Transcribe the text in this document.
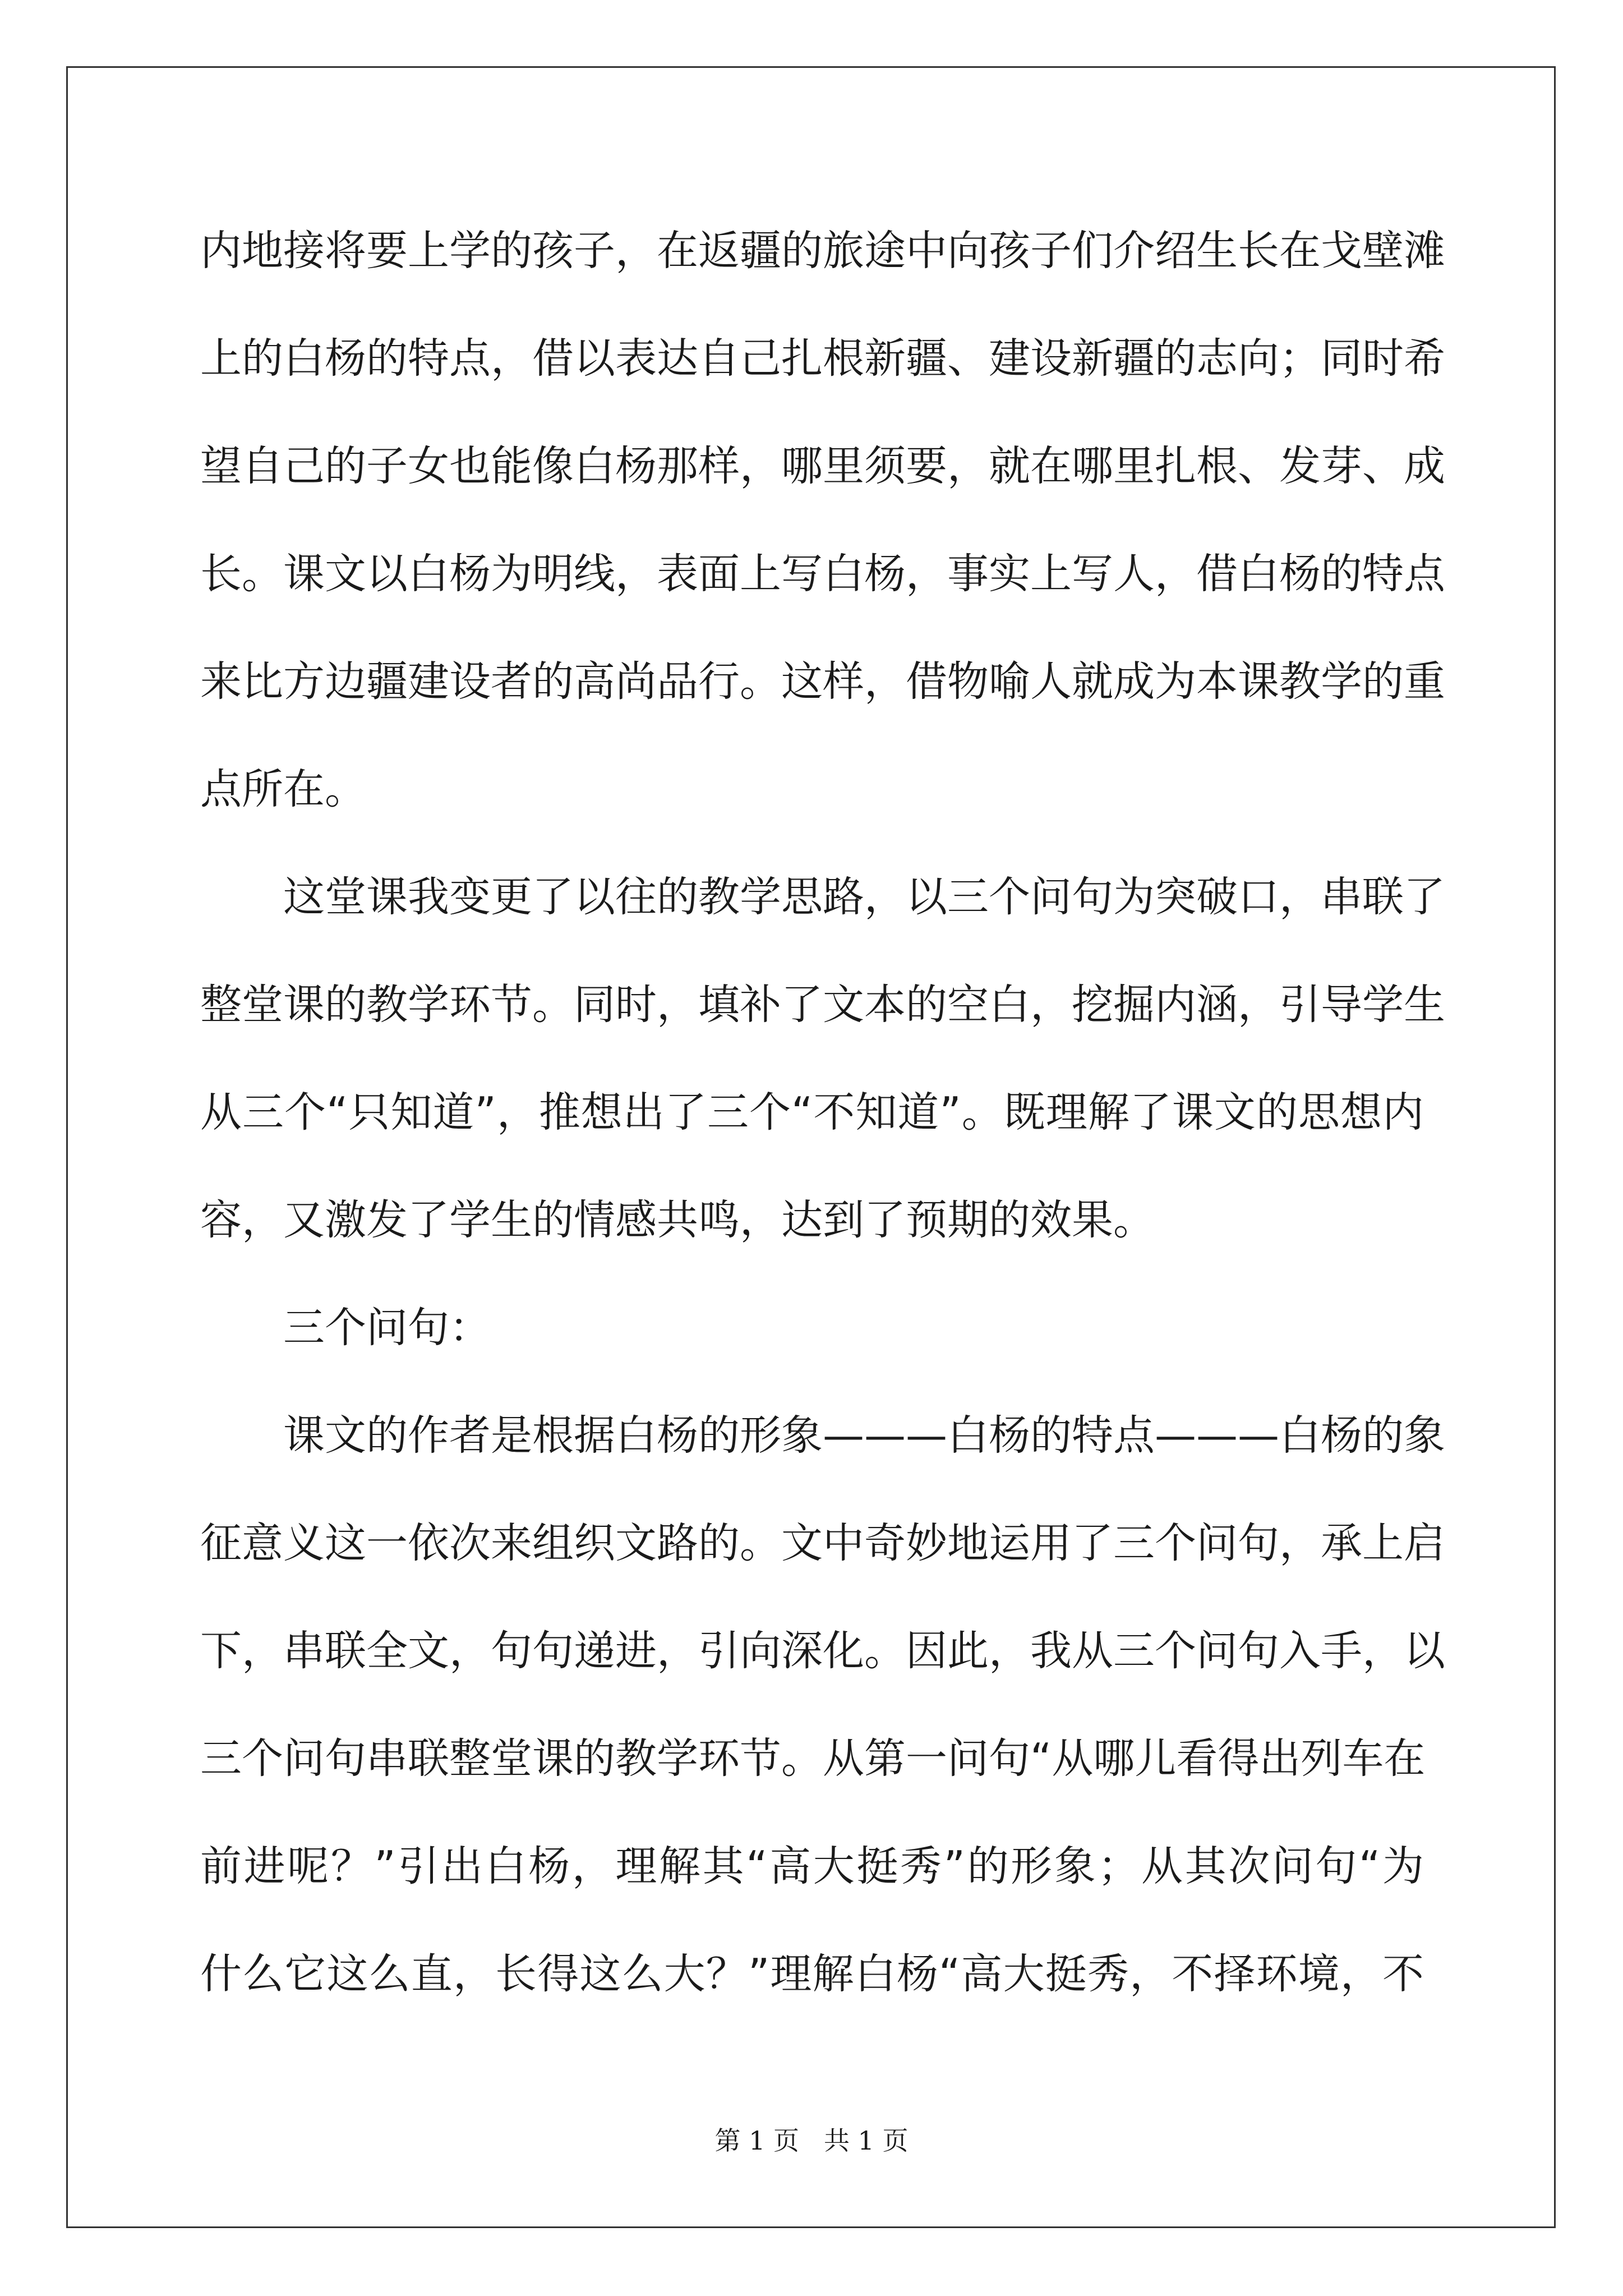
内地接将要上学的孩子，在返疆的旅途中向孩子们介绍生长在戈壁滩
上的白杨的特点，借以表达自己扎根新疆、建设新疆的志向；同时希
望自己的子女也能像白杨那样，哪里须要，就在哪里扎根、发芽、成
长。课文以白杨为明线，表面上写白杨，事实上写人，借白杨的特点
来比方边疆建设者的高尚品行。这样，借物喻人就成为本课教学的重
点所在。
这堂课我变更了以往的教学思路，以三个问句为突破口，串联了
整堂课的教学环节。同时，填补了文本的空白，挖掘内涵，引导学生
从三个“只知道”，推想出了三个“不知道”。既理解了课文的思想内
容，又激发了学生的情感共鸣，达到了预期的效果。
三个问句：
课文的作者是根据白杨的形象———白杨的特点———白杨的象
征意义这一依次来组织文路的。文中奇妙地运用了三个问句，承上启
下，串联全文，句句递进，引向深化。因此，我从三个问句入手，以
三个问句串联整堂课的教学环节。从第一问句“从哪儿看得出列车在
前进呢？”引出白杨，理解其“高大挺秀”的形象；从其次问句“为
什么它这么直，长得这么大？”理解白杨“高大挺秀，不择环境，不
第 1 页 共 1 页
